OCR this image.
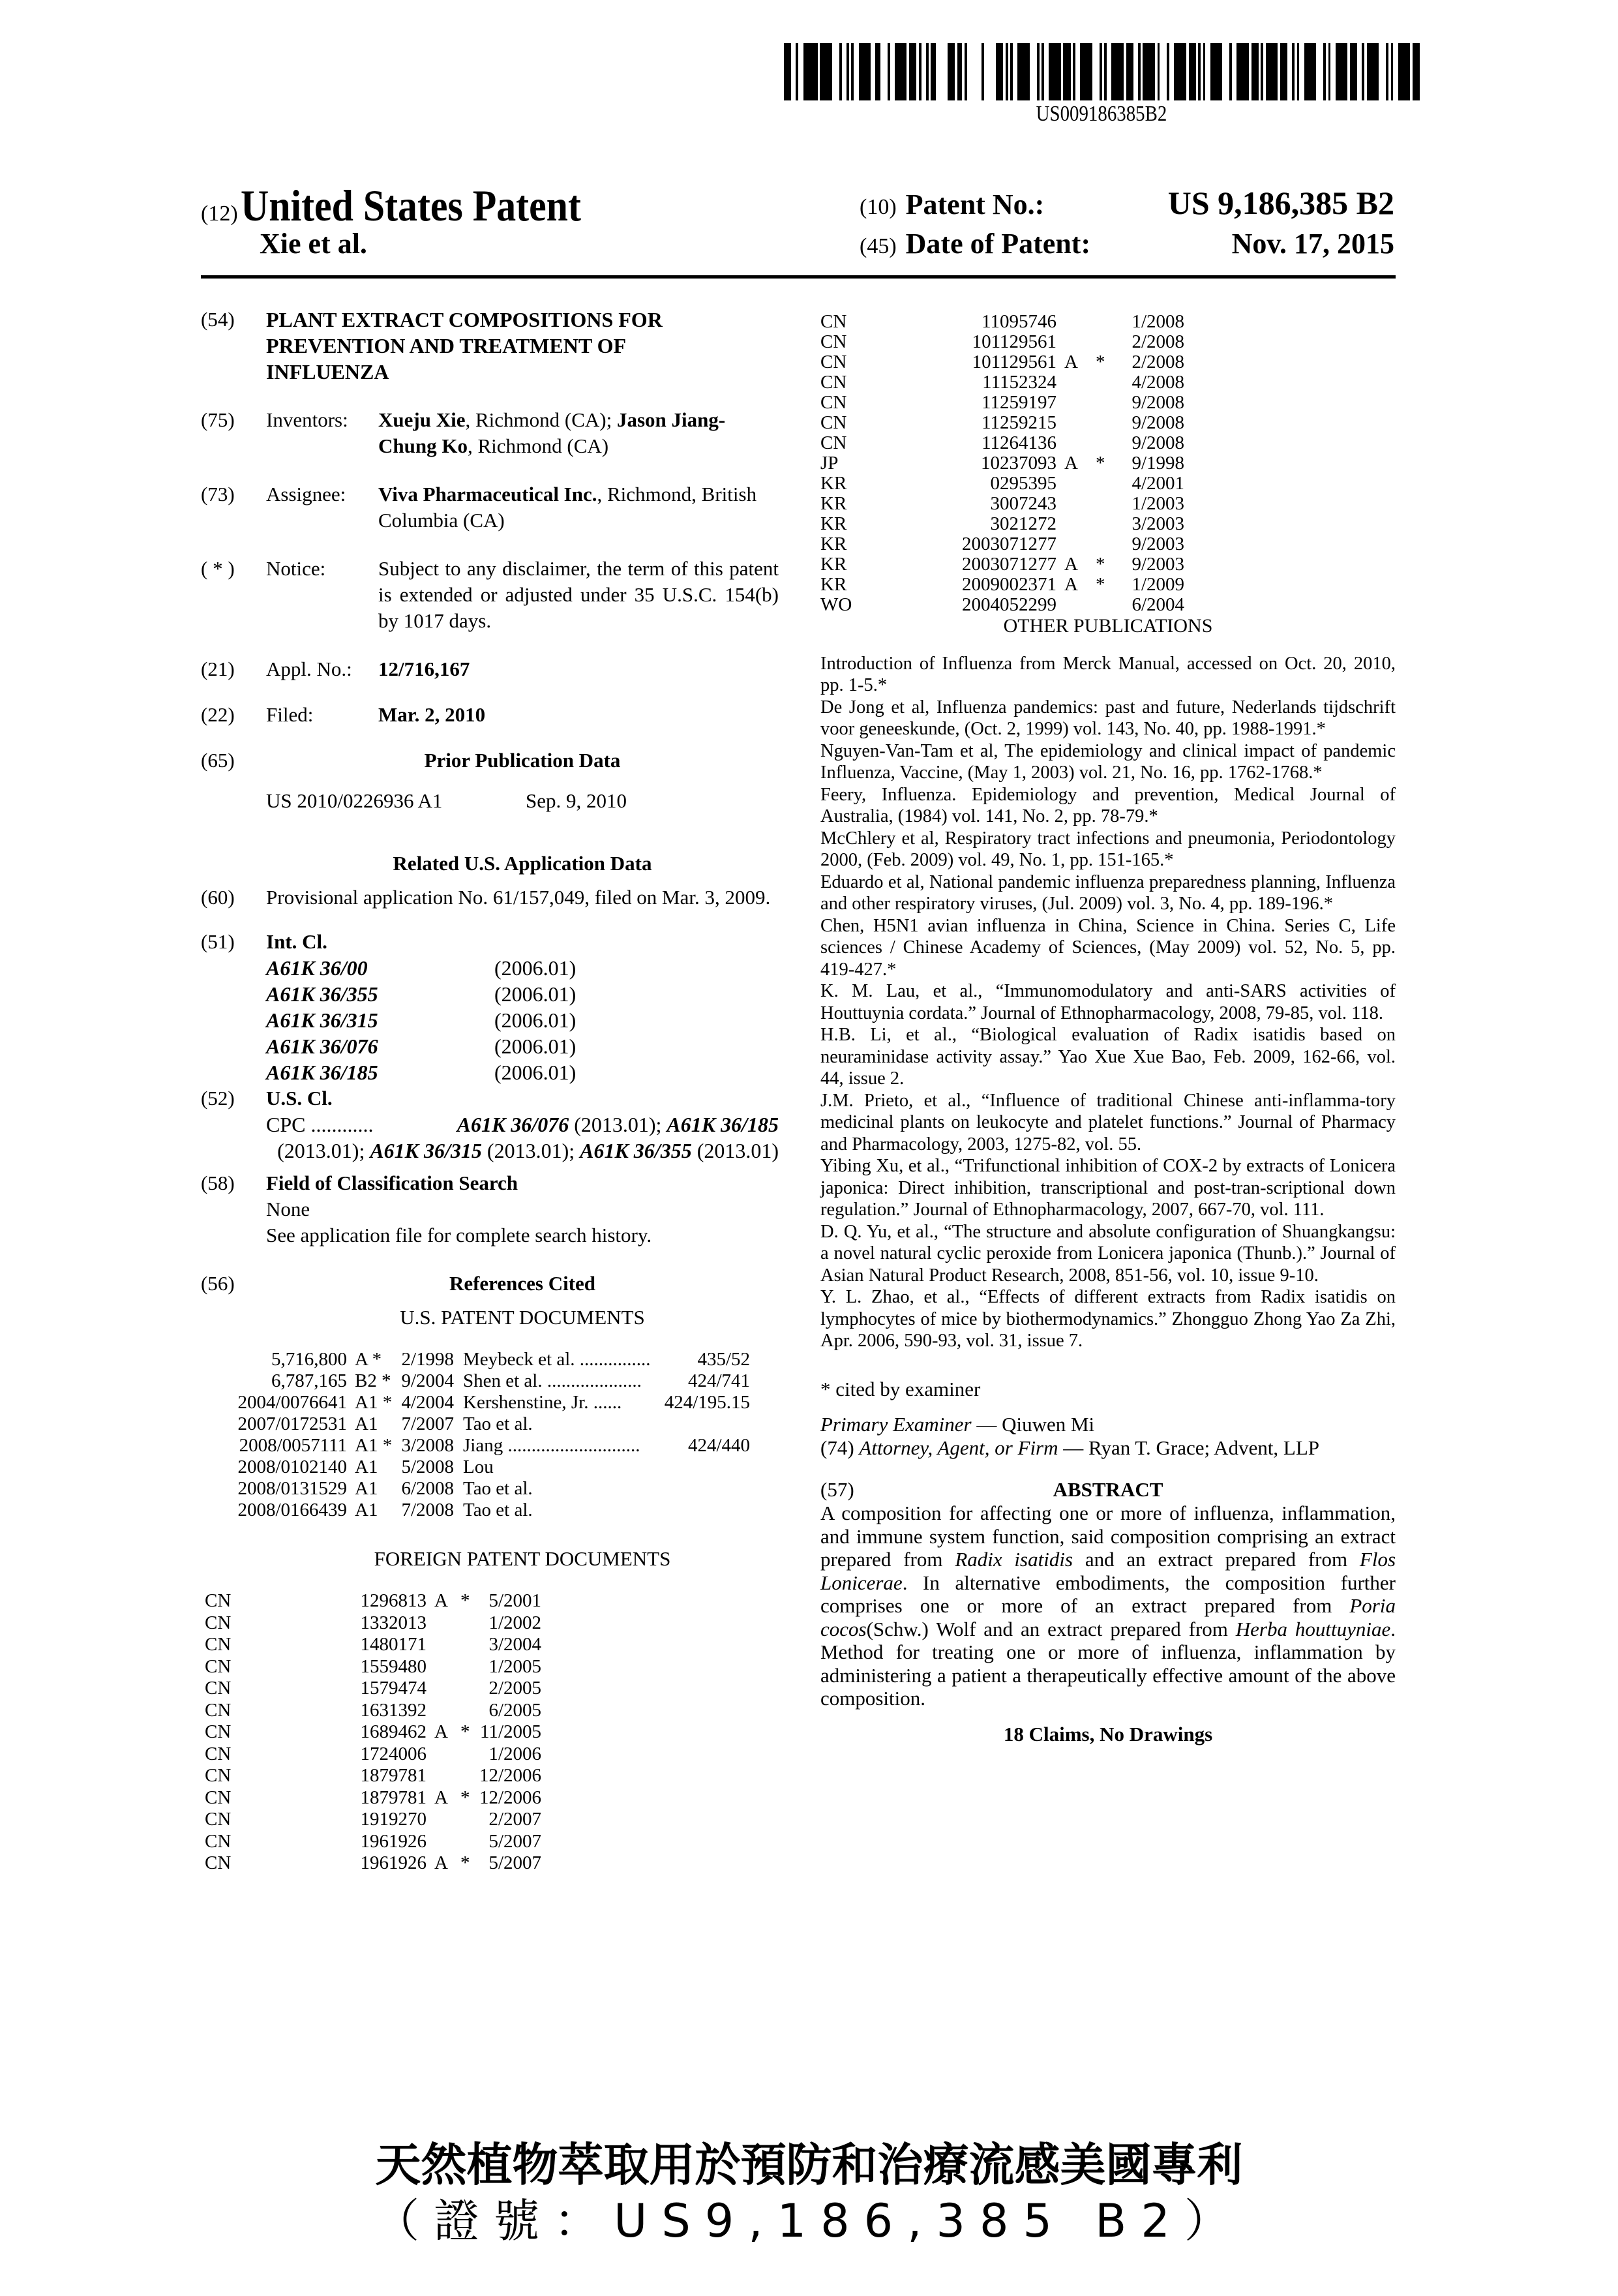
US009186385B2
(12) United States Patent
Xie et al.
(10) Patent No.:	US 9,186,385 B2
(45) Date of Patent:	Nov. 17, 2015
(54)	PLANT EXTRACT COMPOSITIONS FOR PREVENTION AND TREATMENT OF INFLUENZA
(75)	Inventors:	Xueju Xie, Richmond (CA); Jason Jiang-Chung Ko, Richmond (CA)
(73)	Assignee:	Viva Pharmaceutical Inc., Richmond, British Columbia (CA)
( * )	Notice:	Subject to any disclaimer, the term of this patent is extended or adjusted under 35 U.S.C. 154(b) by 1017 days.
(21)	Appl. No.:	12/716,167
(22)	Filed:	Mar. 2, 2010
(65)	Prior Publication Data
US 2010/0226936 A1	Sep. 9, 2010
Related U.S. Application Data
(60)	Provisional application No. 61/157,049, filed on Mar. 3, 2009.
(51)	Int. Cl.
A61K 36/00	(2006.01)
A61K 36/355	(2006.01)
A61K 36/315	(2006.01)
A61K 36/076	(2006.01)
A61K 36/185	(2006.01)
(52)	U.S. Cl.
CPC ............	A61K 36/076 (2013.01); A61K 36/185
(2013.01); A61K 36/315 (2013.01); A61K 36/355 (2013.01)
(58)	Field of Classification Search
None
See application file for complete search history.
(56)	References Cited
U.S. PATENT DOCUMENTS
5,716,800	A *	2/1998	Meybeck et al. ...............	435/52
6,787,165	B2 *	9/2004	Shen et al. ....................	424/741
2004/0076641	A1 *	4/2004	Kershenstine, Jr. ......	424/195.15
2007/0172531	A1	7/2007	Tao et al.	
2008/0057111	A1 *	3/2008	Jiang ............................	424/440
2008/0102140	A1	5/2008	Lou	
2008/0131529	A1	6/2008	Tao et al.	
2008/0166439	A1	7/2008	Tao et al.	
FOREIGN PATENT DOCUMENTS
CN	1296813	A	*	5/2001
CN	1332013			1/2002
CN	1480171			3/2004
CN	1559480			1/2005
CN	1579474			2/2005
CN	1631392			6/2005
CN	1689462	A	*	11/2005
CN	1724006			1/2006
CN	1879781			12/2006
CN	1879781	A	*	12/2006
CN	1919270			2/2007
CN	1961926			5/2007
CN	1961926	A	*	5/2007
CN	11095746			1/2008
CN	101129561			2/2008
CN	101129561	A	*	2/2008
CN	11152324			4/2008
CN	11259197			9/2008
CN	11259215			9/2008
CN	11264136			9/2008
JP	10237093	A	*	9/1998
KR	0295395			4/2001
KR	3007243			1/2003
KR	3021272			3/2003
KR	2003071277			9/2003
KR	2003071277	A	*	9/2003
KR	2009002371	A	*	1/2009
WO	2004052299			6/2004
OTHER PUBLICATIONS

Introduction of Influenza from Merck Manual, accessed on Oct. 20, 2010, pp. 1-5.*

De Jong et al, Influenza pandemics: past and future, Nederlands tijdschrift voor geneeskunde, (Oct. 2, 1999) vol. 143, No. 40, pp. 1988-1991.*

Nguyen-Van-Tam et al, The epidemiology and clinical impact of pandemic Influenza, Vaccine, (May 1, 2003) vol. 21, No. 16, pp. 1762-1768.*

Feery, Influenza. Epidemiology and prevention, Medical Journal of Australia, (1984) vol. 141, No. 2, pp. 78-79.*

McChlery et al, Respiratory tract infections and pneumonia, Periodontology 2000, (Feb. 2009) vol. 49, No. 1, pp. 151-165.*

Eduardo et al, National pandemic influenza preparedness planning, Influenza and other respiratory viruses, (Jul. 2009) vol. 3, No. 4, pp. 189-196.*

Chen, H5N1 avian influenza in China, Science in China. Series C, Life sciences / Chinese Academy of Sciences, (May 2009) vol. 52, No. 5, pp. 419-427.*

K. M. Lau, et al., “Immunomodulatory and anti-SARS activities of Houttuynia cordata.” Journal of Ethnopharmacology, 2008, 79-85, vol. 118.

H.B. Li, et al., “Biological evaluation of Radix isatidis based on neuraminidase activity assay.” Yao Xue Xue Bao, Feb. 2009, 162-66, vol. 44, issue 2.

J.M. Prieto, et al., “Influence of traditional Chinese anti-inflamma-tory medicinal plants on leukocyte and platelet functions.” Journal of Pharmacy and Pharmacology, 2003, 1275-82, vol. 55.

Yibing Xu, et al., “Trifunctional inhibition of COX-2 by extracts of Lonicera japonica: Direct inhibition, transcriptional and post-tran-scriptional down regulation.” Journal of Ethnopharmacology, 2007, 667-70, vol. 111.

D. Q. Yu, et al., “The structure and absolute configuration of Shuangkangsu: a novel natural cyclic peroxide from Lonicera japonica (Thunb.).” Journal of Asian Natural Product Research, 2008, 851-56, vol. 10, issue 9-10.

Y. L. Zhao, et al., “Effects of different extracts from Radix isatidis on lymphocytes of mice by biothermodynamics.” Zhongguo Zhong Yao Za Zhi, Apr. 2006, 590-93, vol. 31, issue 7.

* cited by examiner
Primary Examiner — Qiuwen Mi
(74) Attorney, Agent, or Firm — Ryan T. Grace; Advent, LLP
(57)	ABSTRACT
A composition for affecting one or more of influenza, inflammation, and immune system function, said composition comprising an extract prepared from Radix isatidis and an extract prepared from Flos Lonicerae. In alternative embodiments, the composition further comprises one or more of an extract prepared from Poria cocos(Schw.) Wolf and an extract prepared from Herba houttuyniae. Method for treating one or more of influenza, inflammation by administering a patient a therapeutically effective amount of the above composition.
18 Claims, No Drawings
天然植物萃取用於預防和治療流感美國專利
（證號：US9,186,385 B2）
